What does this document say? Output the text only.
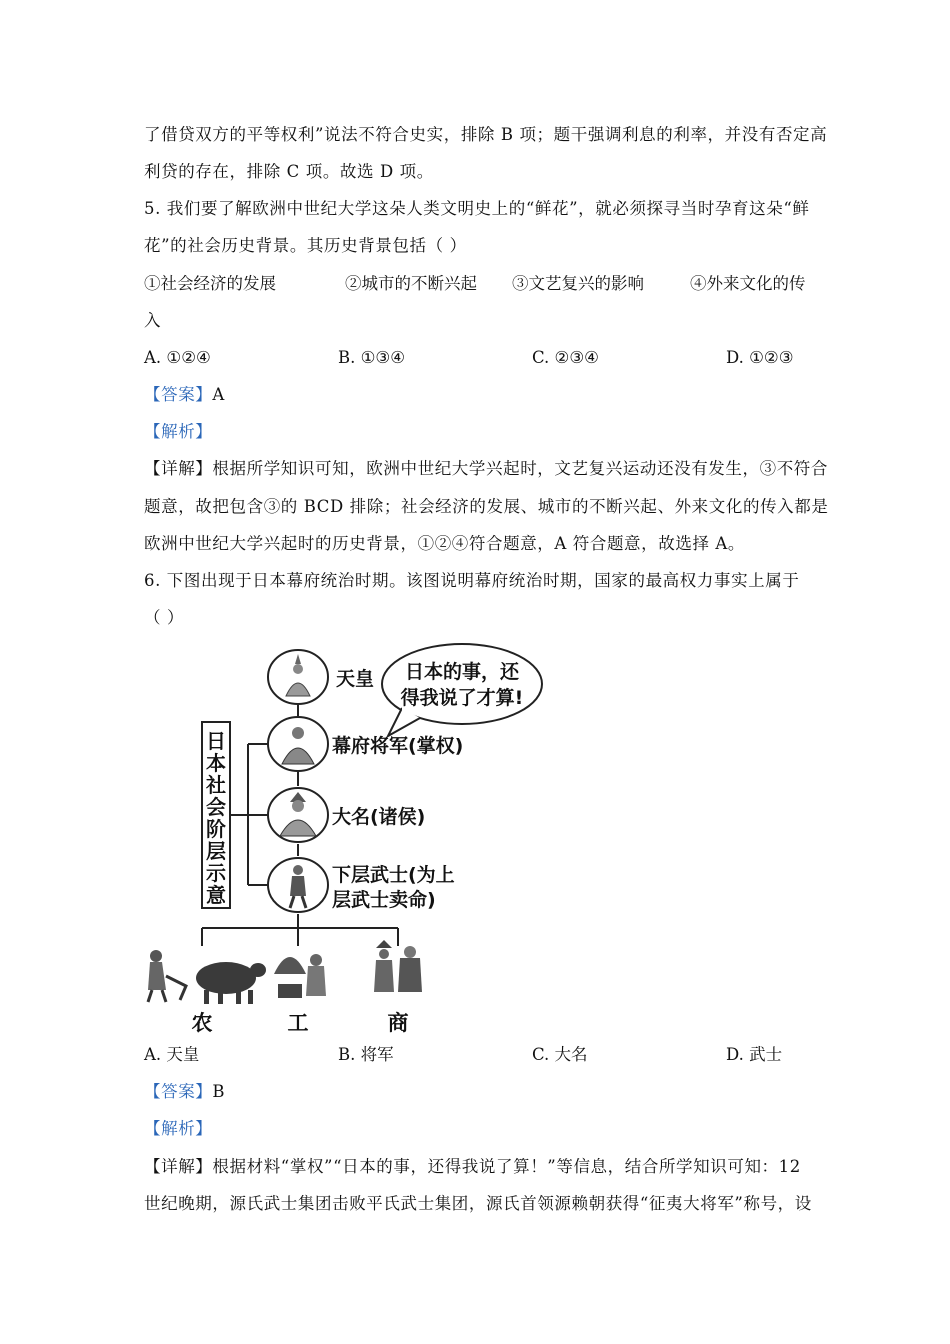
了借贷双方的平等权利”说法不符合史实，排除 B 项；题干强调利息的利率，并没有否定高
利贷的存在，排除 C 项。故选 D 项。
5. 我们要了解欧洲中世纪大学这朵人类文明史上的“鲜花”，就必须探寻当时孕育这朵“鲜
花”的社会历史背景。其历史背景包括（ ）
①社会经济的发展	②城市的不断兴起 ③文艺复兴的影响	④外来文化的传
入
A. ①②④	B. ①③④	C. ②③④	D. ①②③
【答案】A
【解析】
【详解】根据所学知识可知，欧洲中世纪大学兴起时，文艺复兴运动还没有发生，③不符合
题意，故把包含③的 BCD 排除；社会经济的发展、城市的不断兴起、外来文化的传入都是
欧洲中世纪大学兴起时的历史背景，①②④符合题意，A 符合题意，故选择 A。
6. 下图出现于日本幕府统治时期。该图说明幕府统治时期，国家的最高权力事实上属于
（ ）
日
本
社
会
阶
层
示
意
天皇 日本的事，还
得我说了才算!
幕府将军(掌权)
大名(诸侯)
下层武士(为上
层武士卖命)
农	工	商
A. 天皇	B. 将军	C. 大名	D. 武士
【答案】B
【解析】
【详解】根据材料“掌权”“日本的事，还得我说了算！”等信息，结合所学知识可知：12
世纪晚期，源氏武士集团击败平氏武士集团，源氏首领源赖朝获得“征夷大将军”称号，设
